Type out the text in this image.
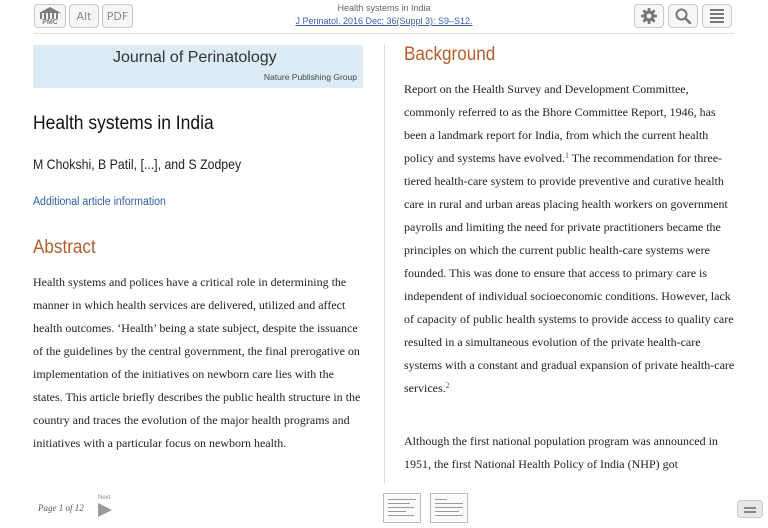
PMC	Alt	PDF
Health systems in India
J Perinatol. 2016 Dec; 36(Suppl 3): S9–S12.
Journal of Perinatology
Nature Publishing Group
Health systems in India
M Chokshi, B Patil, [...], and S Zodpey
Additional article information
Abstract
Health systems and polices have a critical role in determining the manner in which health services are delivered, utilized and affect health outcomes. ‘Health’ being a state subject, despite the issuance of the guidelines by the central government, the final prerogative on implementation of the initiatives on newborn care lies with the states. This article briefly describes the public health structure in the country and traces the evolution of the major health programs and initiatives with a particular focus on newborn health.
Background
Report on the Health Survey and Development Committee, commonly referred to as the Bhore Committee Report, 1946, has been a landmark report for India, from which the current health policy and systems have evolved.$^1$ The recommendation for three-tiered health-care system to provide preventive and curative health care in rural and urban areas placing health workers on government payrolls and limiting the need for private practitioners became the principles on which the current public health-care systems were founded. This was done to ensure that access to primary care is independent of individual socioeconomic conditions. However, lack of capacity of public health systems to provide access to quality care resulted in a simultaneous evolution of the private health-care systems with a constant and gradual expansion of private health-care services.$^2$
Although the first national population program was announced in 1951, the first National Health Policy of India (NHP) got
Page 1 of 12
Next
